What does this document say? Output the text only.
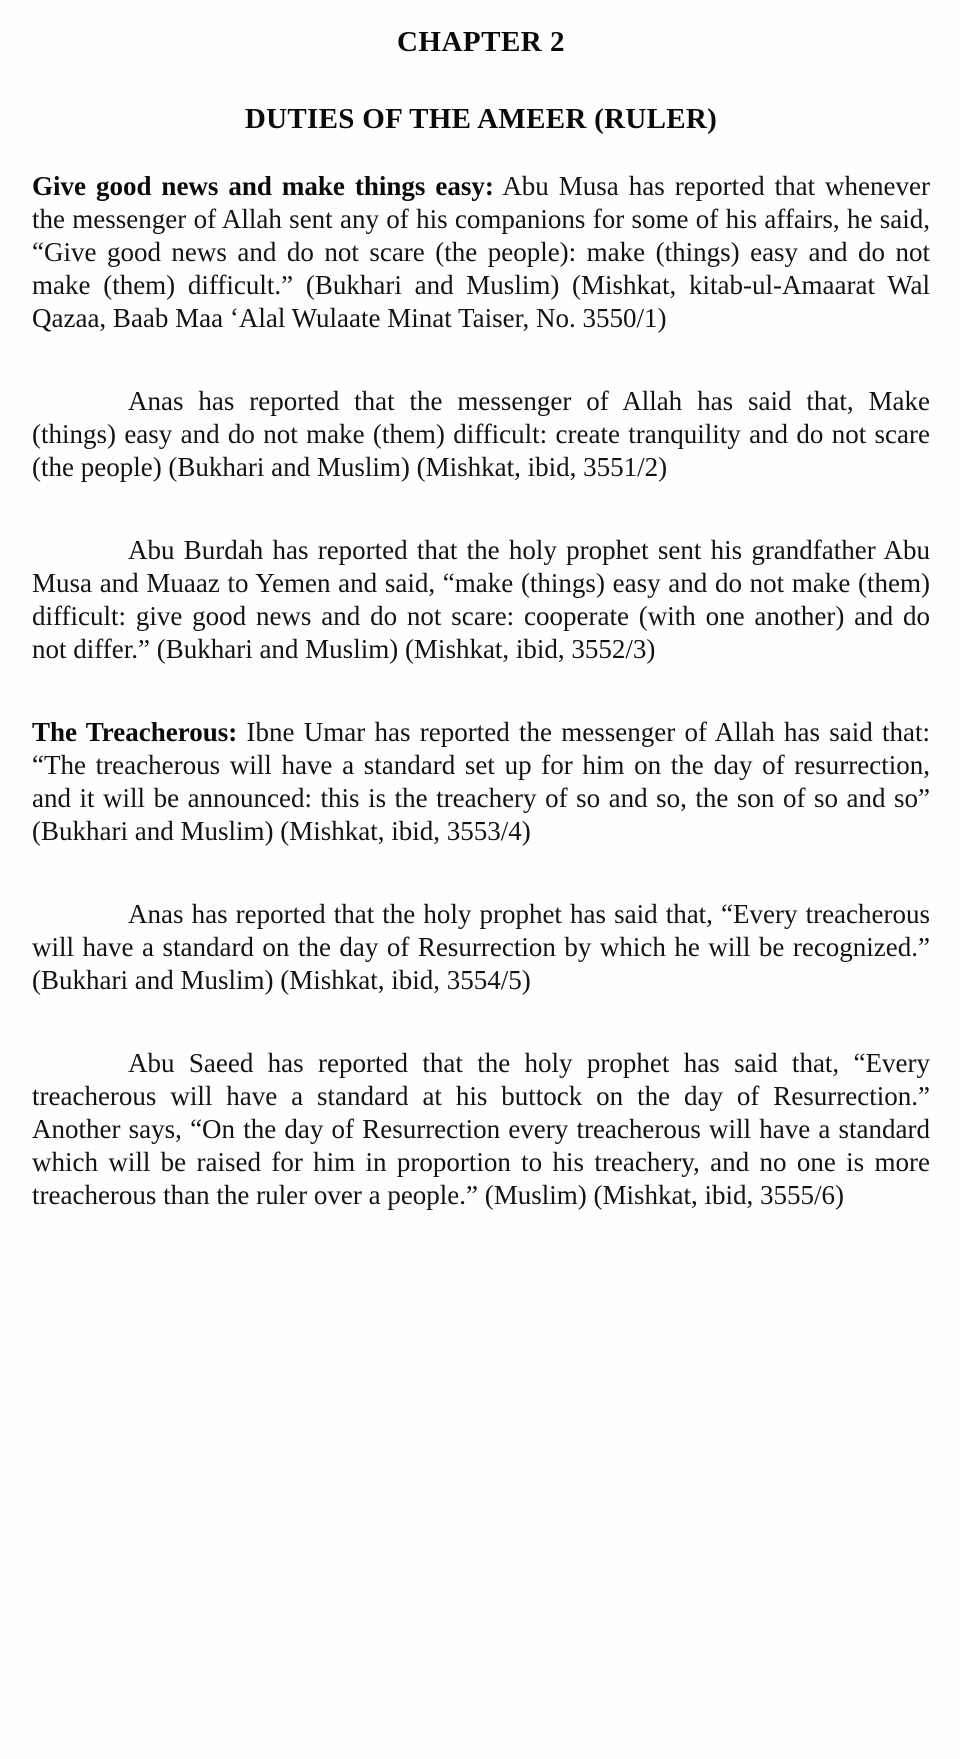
CHAPTER 2
DUTIES OF THE AMEER (RULER)

Give good news and make things easy: Abu Musa has reported that whenever the messenger of Allah sent any of his companions for some of his affairs, he said, “Give good news and do not scare (the people): make (things) easy and do not make (them) difficult.” (Bukhari and Muslim) (Mishkat, kitab-ul-Amaarat Wal Qazaa, Baab Maa ‘Alal Wulaate Minat Taiser, No. 3550/1)

Anas has reported that the messenger of Allah has said that, Make (things) easy and do not make (them) difficult: create tranquility and do not scare (the people) (Bukhari and Muslim) (Mishkat, ibid, 3551/2)

Abu Burdah has reported that the holy prophet sent his grandfather Abu Musa and Muaaz to Yemen and said, “make (things) easy and do not make (them) difficult: give good news and do not scare: cooperate (with one another) and do not differ.” (Bukhari and Muslim) (Mishkat, ibid, 3552/3)

The Treacherous: Ibne Umar has reported the messenger of Allah has said that: “The treacherous will have a standard set up for him on the day of resurrection, and it will be announced: this is the treachery of so and so, the son of so and so” (Bukhari and Muslim) (Mishkat, ibid, 3553/4)

Anas has reported that the holy prophet has said that, “Every treacherous will have a standard on the day of Resurrection by which he will be recognized.” (Bukhari and Muslim) (Mishkat, ibid, 3554/5)

Abu Saeed has reported that the holy prophet has said that, “Every treacherous will have a standard at his buttock on the day of Resurrection.” Another says, “On the day of Resurrection every treacherous will have a standard which will be raised for him in proportion to his treachery, and no one is more treacherous than the ruler over a people.” (Muslim) (Mishkat, ibid, 3555/6)
